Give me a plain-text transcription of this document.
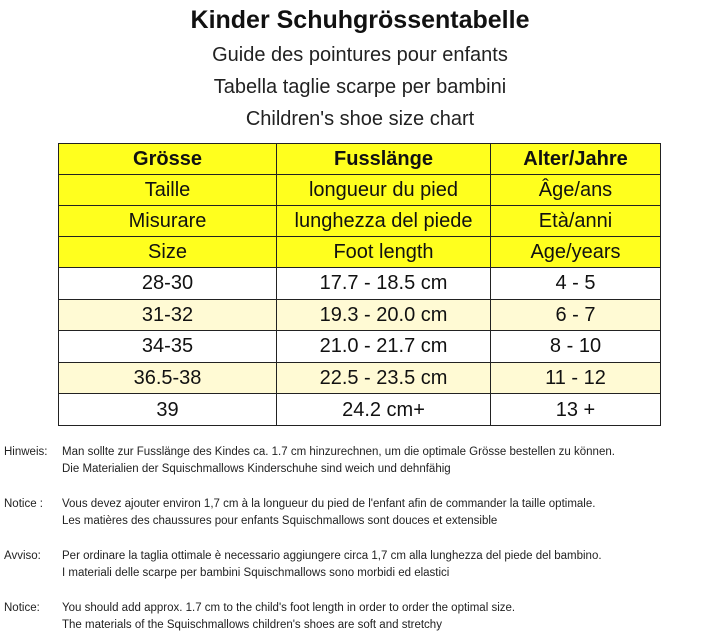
Kinder Schuhgrössentabelle
Guide des pointures pour enfants
Tabella taglie scarpe per bambini
Children's shoe size chart
Grösse	Fusslänge	Alter/Jahre
Taille	longueur du pied	Âge/ans
Misurare	lunghezza del piede	Età/anni
Size	Foot length	Age/years
28-30	17.7 - 18.5 cm	4 - 5
31-32	19.3 - 20.0 cm	6 - 7
34-35	21.0 - 21.7 cm	8 - 10
36.5-38	22.5 - 23.5 cm	11 - 12
39	24.2 cm+	13 +
Hinweis:	Man sollte zur Fusslänge des Kindes ca. 1.7 cm hinzurechnen, um die optimale Grösse bestellen zu können.
Die Materialien der Squischmallows Kinderschuhe sind weich und dehnfähig
Notice :	Vous devez ajouter environ 1,7 cm à la longueur du pied de l'enfant afin de commander la taille optimale.
Les matières des chaussures pour enfants Squischmallows sont douces et extensible
Avviso:	Per ordinare la taglia ottimale è necessario aggiungere circa 1,7 cm alla lunghezza del piede del bambino.
I materiali delle scarpe per bambini Squischmallows sono morbidi ed elastici
Notice:	You should add approx. 1.7 cm to the child's foot length in order to order the optimal size.
The materials of the Squischmallows children's shoes are soft and stretchy
